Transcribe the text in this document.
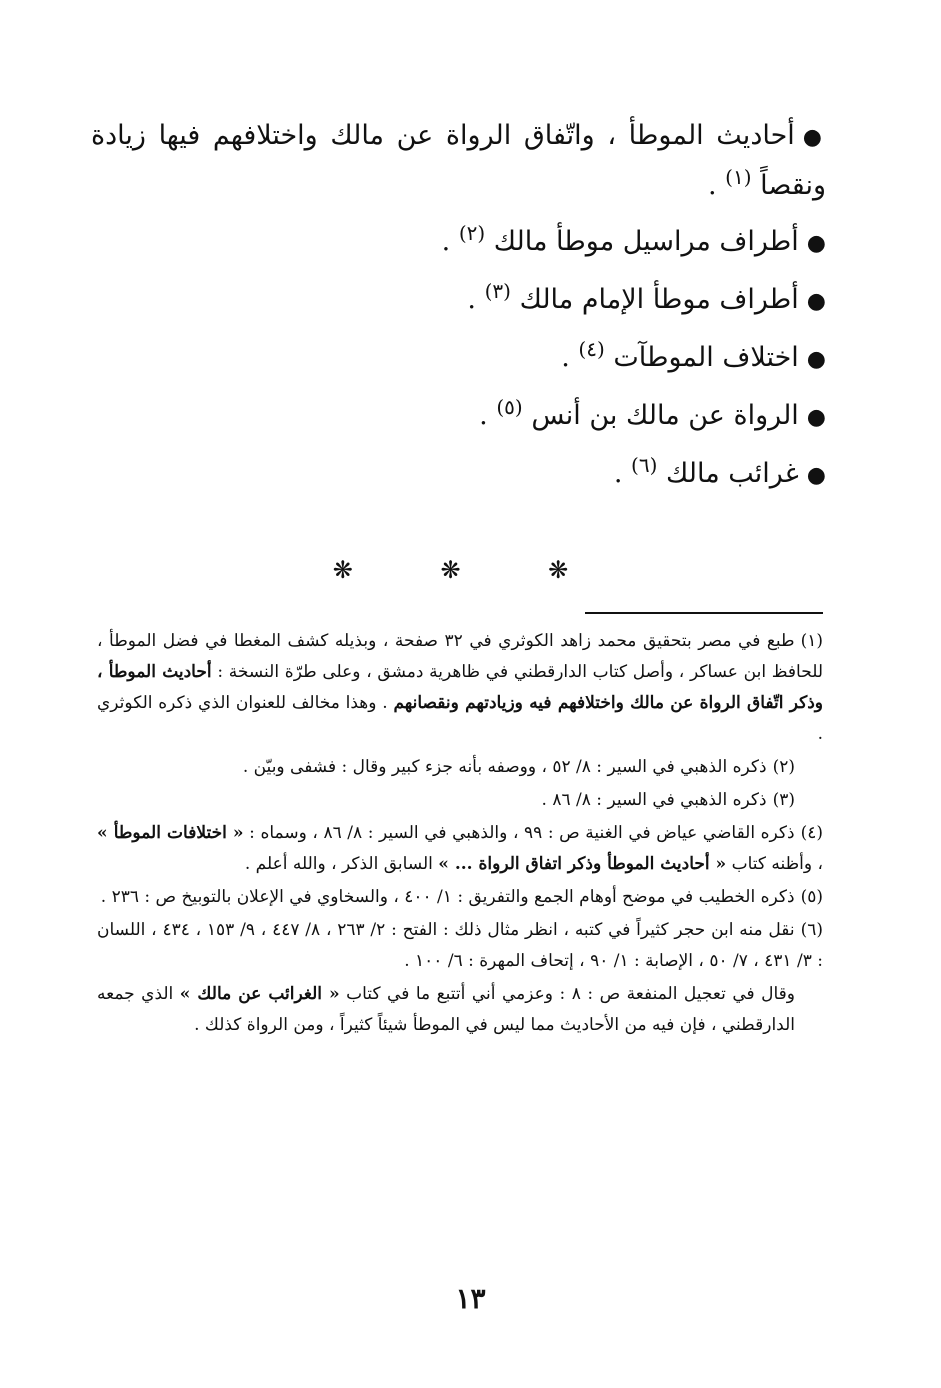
●أحاديث الموطأ ، واتّفاق الرواة عن مالك واختلافهم فيها زيادة ونقصاً $^{(١)}$ .

●أطراف مراسيل موطأ مالك $^{(٢)}$ .

●أطراف موطأ الإمام مالك $^{(٣)}$ .

●اختلاف الموطآت $^{(٤)}$ .

●الرواة عن مالك بن أنس $^{(٥)}$ .

●غرائب مالك $^{(٦)}$ .

❋ ❋ ❋

(١)طبع في مصر بتحقيق محمد زاهد الكوثري في ٣٢ صفحة ، وبذيله كشف المغطا في فضل الموطأ ، للحافظ ابن عساكر ، وأصل كتاب الدارقطني في ظاهرية دمشق ، وعلى طرّة النسخة : أحاديث الموطأ ، وذكر اتّفاق الرواة عن مالك واختلافهم فيه وزيادتهم ونقصانهم . وهذا مخالف للعنوان الذي ذكره الكوثري .

(٢)ذكره الذهبي في السير : ٨/ ٥٢ ، ووصفه بأنه جزء كبير وقال : فشفى وبيّن .

(٣)ذكره الذهبي في السير : ٨/ ٨٦ .

(٤)ذكره القاضي عياض في الغنية ص : ٩٩ ، والذهبي في السير : ٨/ ٨٦ ، وسماه : « اختلافات الموطأ » ، وأظنه كتاب « أحاديث الموطأ وذكر اتفاق الرواة ... » السابق الذكر ، والله أعلم .

(٥)ذكره الخطيب في موضح أوهام الجمع والتفريق : ١/ ٤٠٠ ، والسخاوي في الإعلان بالتوبيخ ص : ٢٣٦ .

(٦)نقل منه ابن حجر كثيراً في كتبه ، انظر مثال ذلك : الفتح : ٢/ ٢٦٣ ، ٨/ ٤٤٧ ، ٩/ ١٥٣ ، ٤٣٤ ، اللسان : ٣/ ٤٣١ ، ٧/ ٥٠ ، الإصابة : ١/ ٩٠ ، إتحاف المهرة : ٦/ ١٠٠ .

وقال في تعجيل المنفعة ص : ٨ : وعزمي أني أتتبع ما في كتاب « الغرائب عن مالك » الذي جمعه الدارقطني ، فإن فيه من الأحاديث مما ليس في الموطأ شيئاً كثيراً ، ومن الرواة كذلك .

١٣
